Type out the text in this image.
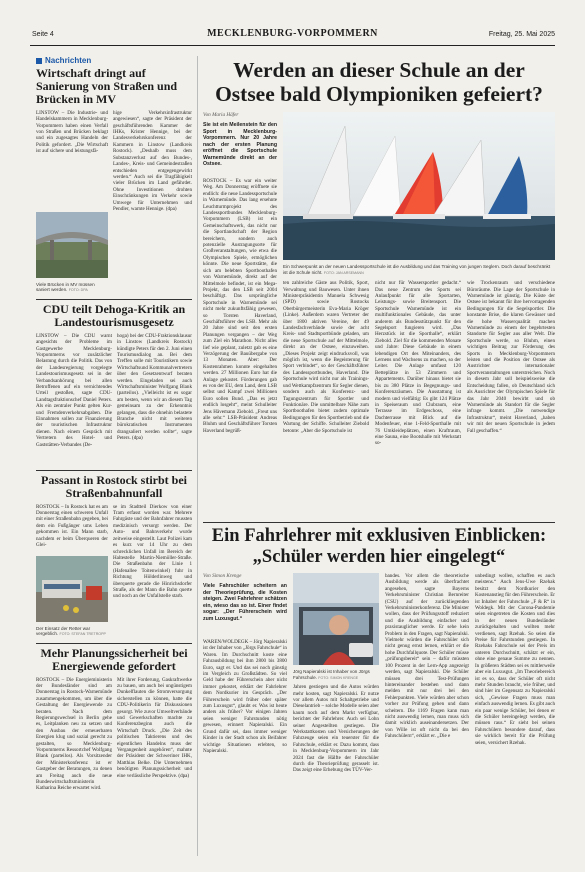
Seite 4	MECKLENBURG-VORPOMMERN	Freitag, 25. Mai 2025
Nachrichten
Wirtschaft dringt auf Sanierung von Straßen und Brücken in MV
LINSTOW – Die Industrie- und Handelskammern in Mecklenburg-Vorpommern haben einen Verfall von Straßen und Brücken beklagt und ein zugesagtes Handeln der Politik gefordert. „Die Wirtschaft ist auf sichere und leistungsfä-
Viele Brücken in MV müssen saniert werden. FOTO: DPA
hige Verkehrsinfrastruktur angewiesen“, sagte der Präsident der geschäftsführenden Kammer der IHKs, Krister Hennige, bei der Landesverkehrskonferenz der Kammern in Linstow (Landkreis Rostock). „Deshalb muss dem Substanzverlust auf den Bundes-, Landes-, Kreis- und Gemeindestraßen entschieden entgegengewirkt werden.“ Auch sei die Tragfähigkeit vieler Brücken im Land gefährdet. Ohne Investitionen drohten Einschränkungen im Verkehr sowie Umwege für Unternehmen und Pendler, warnte Hennige. (dpa)
CDU teilt Dehoga-Kritik an Landestourismusgesetz
LINSTOW – Die CDU warnt angesichts der Probleme im Gastgewerbe Mecklenburg-Vorpommerns vor zusätzlicher Belastung durch die Politik. Das von der Landesregierung vorgelegte Landestourismusgesetz sei in der Verbandsanhörung bei allen Betroffenen auf ein vernichtendes Urteil gestoßen, sagte CDU-Landtagsfraktionschef Daniel Peters. Als ein zentraler Punkt gelten Kur- und Fremdenverkehrsabgaben. Die Einnahmen sollen zur Finanzierung der touristischen Infrastruktur dienen. Nach einem Gespräch mit Vertretern des Hotel- und Gaststätten-Verbandes (De-
hoga) bei der CDU-Fraktionsklausur in Linstow (Landkreis Rostock) kündigte Peters für den 2. Juni einen Tourismusdialog an. Bei dem Treffen solle mit Touristikern sowie Wirtschaftsund Kommunalvertretern über den Gesetzentwurf beraten werden. Eingeladen sei auch Wirtschaftsminister Wolfgang Blank (parteilos). „Vielleicht ist es sogar am besten, wenn wir an diesem Tag gemeinsam zu der Erkenntnis gelangen, dass die ohnehin belastete Branche nicht mit weiteren bürokratischen Instrumenten drangsaliert werden sollte“, sagte Peters. (dpa)
Passant in Rostock stirbt bei Straßenbahnunfall
ROSTOCK – In Rostock hat es am Donnerstag einen schweren Unfall mit einer Straßenbahn gegeben, bei dem ein Fußgänger ums Leben gekommen ist. Ein Mann starb, nachdem er beim Überqueren der Glei-
Der Einsatz der Retter war vergeblich. FOTO: STEFAN TRETROPP
se im Stadtteil Dierkow von einer Tram erfasst worden war. Mehrere Fahrgäste und der Bahnfahrer mussten medizinisch versorgt werden. Der Auto- und Bahnverkehr wurde zeitweise eingestellt. Laut Polizei kam es kurz vor 14 Uhr zu dem schrecklichen Unfall im Bereich der Haltestelle Martin-Niemöller-Straße. Die Straßenbahn der Linie 1 (Hafenallee Toitenwinkel) fuhr in Richtung Hölderlinweg und überquerte gerade die Hinrichsdorfer Straße, als der Mann die Bahn querte und noch an der Unfallstelle starb.
Mehr Planungssicherheit bei Energiewende gefordert
ROSTOCK – Die Energieministerin der Bundesländer sind am Donnerstag in Rostock-Warnemünde zusammengekommen, um über die Gestaltung der Energiewende zu beraten. Nach dem Regierungswechsel in Berlin gehe es, Leitplanken neu zu setzen und den Ausbau der erneuerbaren Energien klug und sozial gerecht zu gestalten, so Mecklenburg-Vorpommerns Ressortchef Wolfgang Blank (parteilos). Als Vorsitzender der Ministerkonferenz ist er Gastgeber der Beratungen, zu denen am Freitag auch die neue Bundeswirtschaftsministerin Katharina Reiche erwartet wird.
Mit ihrer Forderung, Gaskraftwerke zu bauen, um auch bei ungünstigem Dunkelflauten die Stromversorgung sicherstellen zu können, hatte die CDU-Politikerin für Diskussionen gesorgt. Wie zuvor Umweltverbände und Gewerkschaften machte zu Konferenzbeginn auch die Wirtschaft Druck. „Die Zeit des politischen Taktierens und des eigentlichen Handelns muss der Vergangenheit angehören“, mahnte der Präsident der Schweriner IHK, Matthias Belke. Die Unternehmen benötigten Planungssicherheit und eine verlässliche Perspektive. (dpa)
Werden an dieser Schule an der Ostsee bald Olympioniken gefeiert?
Von Maria Häfer
Sie ist ein Meilenstein für den Sport in Mecklenburg-Vorpommern. Nur 20 Jahre nach der ersten Planung eröffnet die Sportschule Warnemünde direkt an der Ostsee.
ROSTOCK – Es war ein weiter Weg. Am Donnerstag eröffnete sie endlich: die neue Landessportschule in Warnemünde. Das lang ersehnte Leuchtturmprojekt des Landessportbundes Mecklenburg-Vorpommern (LSB) ist ein Gemeinschaftswerk, das nicht nur die Sportlandschaft der Region bereichern, sondern auch potenzielle Austragungsorte für Großveranstaltungen, wie etwa die Olympischen Spiele, ermöglichen könnte. Die neue Sportstätte, die sich am belebten Sportboothafen von Warnemünde, direkt auf der Mittelmole befindet, ist ein Mega-Projekt, das den LSB seit 2004 beschäftigt. Das ursprüngliche Sportschule in Warnemünde sei nicht mehr zukunftsfähig gewesen, so Torsten Haverland, Geschäftsführer des LSB. Mehr als 20 Jahre sind seit den ersten Planungen vergangen – der Weg zum Ziel ein Marathon. Nicht alles lief wie geplant, zuletzt gab es eine Verzögerung der Bauübergabe von 13 Monaten. Aber: Der Kostenrahmen konnte eingehalten werden. 27 Millionen Euro hat die Anlage gekostet. Förderungen gab es von der EU, dem Land, dem LSB selbst und Kampf zwei Millionen Euro sollen Bund. „Das es jetzt endlich losgeht“, meint Schulleiter Jens Hävemann Ziebold. „Freut uns alle sehr.“ LSB-Präsident Andreas Bluhm und Geschäftsführer Torsten Haverland begrüß-
Ein Schwerpunkt an der neuen Landessportschule ist die Ausbildung und das Training von jungen Seglern. Doch darauf beschränkt ist die Schule nicht. FOTO: JAN ARSEMANN
ten zahlreiche Gäste aus Politik, Sport, Verwaltung und Bauwesen. Unter ihnen Ministerpräsidentin Manuela Schwesig (SPD) sowie Rostocks Oberbürgermeisterin Eva-Maria Kröger (Linke). Außerdem waren Vertreter der über 1800 aktiven Vereine, der 49 Landesfachverbände sowie der acht Kreis- und Stadtsportbünde geladen, um die neue Sportschule auf der Mittelmole, direkt an der Ostsee, einzuweihen. „Dieses Projekt zeigt eindrucksvoll, was möglich ist, wenn die Begeisterung für Sport verbindet“, so der Geschäftsführer des Landessportbundes, Haverland. Die Sportschule wird nicht nur als Trainings- und Wettkampfzentrum für Segler dienen, sondern auch als Konferenz- und Tagungszentrum für Sportler und Funktionäre. Die unmittelbare Nähe zum Sportboothafen bietet zudem optimale Bedingungen für den Sportbetrieb und die Wartung der Schiffe. Schulleiter Ziebold betonte: „Aber die Sportschule ist
nicht nur für Wassersportler gedacht.“ Das neue Zentrum des Sports sei Anlaufpunkt für alle Sportarten, Leistungs- sowie Breitensport. Die Sportschule Warnemünde ist ein multifunktionales Gebäude, das unter anderem als Bundesstützpunkt für den Segelsport fungieren wird. „Das Herzstück ist die Sporthalle“, erklärt Ziebold. Ziel für die kommenden Monate und Jahre: Diese Gebäude in einem lebendigen Ort des Miteinanders, des Lernens und Wachsens zu machen, so der Leiter. Die Anlage umfasst 120 Betteplätze in 53 Zimmern und Appartements. Darüber hinaus bietet sie bis zu 380 Plätze in Begegnungs- und Konferenzräumen. Die Ausstattung ist modern und vielfältig: Es gibt 124 Plätze in Speiseraum und Clubraum, eine Terrasse im Erdgeschoss, eine Dachterrasse mit Blick auf die Modenfeuer, eine 1-Feld-Sporthalle mit 76 Umkleideplätzen, einen Kraftraum, eine Sauna, eine Bootshalle mit Werkstatt so-
wie Trockenraum und verschiedene Büroräume. Die Lage der Sportschule in Warnemünde ist günstig. Die Küste der Ostsee ist bekannt für ihre hervorragenden Bedingungen für die Segelsportler. Die konstante Brise, die klaren Gewässer und die hohe Wasserqualität machen Warnemünde zu einem der begehrtesten Standorte für Segler aus aller Welt. Die Sportschule werde, so Bluhm, einen wichtigen Beitrag zur Förderung des Sports in Mecklenburg-Vorpommern leisten und die Position der Ostsee als Austrichter internationaler Sportveranstaltungen unterstreichen. Noch in diesem Jahr soll beispielsweise die Entscheidung fallen, ob Deutschland sich als Ausrichter der Olympischen Spiele für das Jahr 2040 bewirbt und ob Warnemünde als Standort für die Segler infrage kommt. „Die notwendige Infrastruktur“, meint Haverland, „haben wir mit der neuen Sportschule in jedem Fall geschaffen.“
Ein Fahrlehrer mit exklusiven Einblicken: „Schüler werden hier eingelegt“
Von Simon Krenge
Viele Fahrschüler scheitern an der Theorieprüfung, die Kosten steigen. Zwei Fahrlehrer schätzen ein, wieso das so ist. Einer findet sogar: „Der Führerschein wird zum Luxusgut.“
WAREN/WOLDEGK – Jörg Napieralski ist der Inhaber von „Jörgs Fahrschule“ in Waren. Im Durchschnitt koste eine Fahrausbildung bei ihm 2800 bis 3800 Euro, sagt er. Und das sei noch günstig im Vergleich zu Großstädten. So viel Geld habe der Führerschein aber nicht immer gekostet, erklärt der Fahrlehrer dem Nordkurier im Gespräch. „Der Führerschein wird früher oder später zum Luxusgut“, glaubt er. Was ist heute anders als früher? Vor einigen Jahren seien weniger Fahrstunden nötig gewesen, erinnert Napieralski. Ein Grund dafür sei, dass immer weniger Kinder in der Stadt schon als Beifahrer wichtige Situationen erlebten, so Napieralski.
Jörg Napieralski ist Inhaber von Jörgs Fahrschule. FOTO: SIMON KRENGE
Jahren gestiegen und die Autos würden mehr kosten, sagt Napieralski. Er nutze vor allem Autos mit Schaltgetriebe und Dieselantrieb – solche Modelle seien aber kaum noch auf dem Markt verfügbar, berichtet der Fahrlehrer. Auch sei Lohn seiner Angestellten gestiegen. Die Werkstattkosten und Versicherungen der Fahrzeuge seien ein teuerster für die Fahrschule, erklärt er. Dazu kommt, dass in Mecklenburg-Vorpommern im Jahr 2024 fast die Hälfte der Fahrschüler durch die Theorieprüfung gerasselt ist. Das zeigt eine Erhebung des TÜV-Ver-
bandes. Vor allem die theoretische Ausbildung werde als überfrachtet angesehen, sagte Bayerns Verkehrsminister Christian Bernreiter (CSU) auf der zurückliegenden Verkehrsministerkonferenz. Die Minister wollen, dass der Prüfungsstoff reduziert und die Ausbildung einfacher und praxistauglicher werde. Er sehe kein Problem in den Fragen, sagt Napieralski. Vielmehr würden die Fahrschüler sich nicht genug ernst lernen, erklärt er die hohe Durchfallquote. Der Schüler müsse „prüfungsbereit“ sein – dafür müssten 100 Prozent in der Lern-App angezeigt werden, sagt Napieralski. Die Schüler müssen drei Test-Prüfungen hintereinander bestehen und dann melden mit nur drei bei den Fehlerpunkten. Viele würden aber schon vorher zur Prüfung gehen und dann scheitern. Die 1169 Fragen kann man nicht auswendig lernen, man muss sich damit wirklich auseinandersetzen. Der von Wille ist oft nicht da bei den Fahrschülern“, erklärt er. „Die e
unbedingt wollen, schaffen es auch meistens.“ Auch Jens-Uwe Rzehak besitzt dem Nordkurier den Kostenanstieg für den Führerschein. Er ist Inhaber der Fahrschule „F & R“ in Woldegk. Mit der Corona-Pandemie seien eingetreten die Kosten und dies in der neuen Bundesländer zurückgehalten und wollten mehr verdienen, sagt Rzehak. So seien die Preise für Fahrstunden gestiegen. In Rzehaks Fahrschule sei der Preis im unteren Durchschnitt, schätzt er ein, ohne eine genaue Summe zu nennen. In größeren Städten sei es mittlerweile aber ein Luxusgut. „Im Theoriebereich ist es so, dass der Schüler oft nicht mehr Stunden braucht, wie früher, und sind hier im Gegensatz zu Napieralski sich, „Gewisse Fragen muss man einfach auswendig lernen. Es gibt auch ein paar wenige Schüler, bei denen er die Schüler hereingelegt werden, die müssen raus.“ Er sieht bei seinen Fahrschülern besondere darauf, dass sie wirklich bereit für die Prüfung seien, versichert Rzehak.
